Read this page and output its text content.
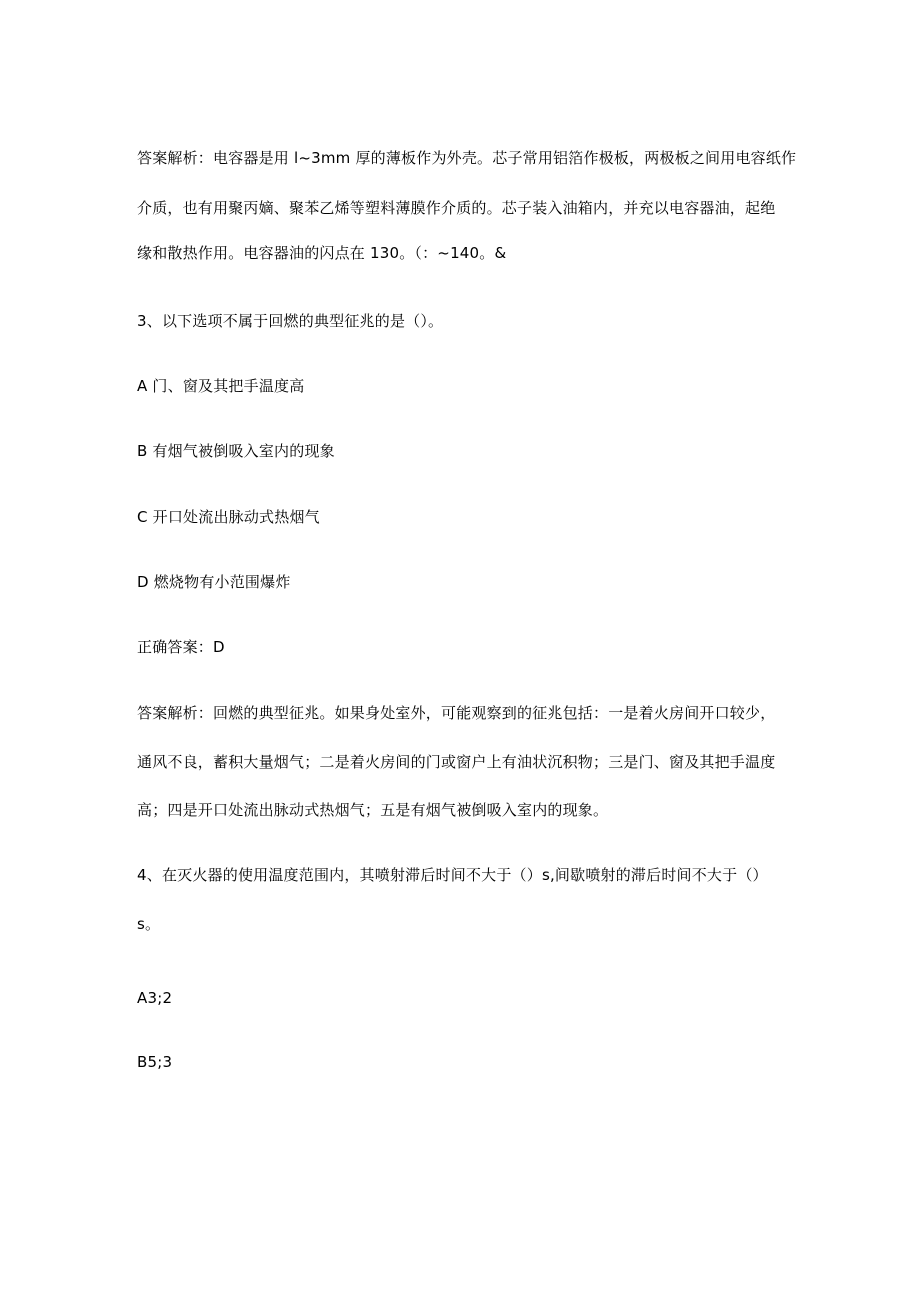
答案解析：电容器是用 l~3mm 厚的薄板作为外壳。芯子常用铝箔作极板，两极板之间用电容纸作
介质，也有用聚丙嫡、聚苯乙烯等塑料薄膜作介质的。芯子装入油箱内，并充以电容器油，起绝
缘和散热作用。电容器油的闪点在 130。（：~140。&
3、以下选项不属于回燃的典型征兆的是（）。
A 门、窗及其把手温度高
B 有烟气被倒吸入室内的现象
C 开口处流出脉动式热烟气
D 燃烧物有小范围爆炸
正确答案：D
答案解析：回燃的典型征兆。如果身处室外，可能观察到的征兆包括：一是着火房间开口较少，
通风不良，蓄积大量烟气；二是着火房间的门或窗户上有油状沉积物；三是门、窗及其把手温度
高；四是开口处流出脉动式热烟气；五是有烟气被倒吸入室内的现象。
4、在灭火器的使用温度范围内，其喷射滞后时间不大于（）s,间歇喷射的滞后时间不大于（）
s。
A3;2
B5;3
